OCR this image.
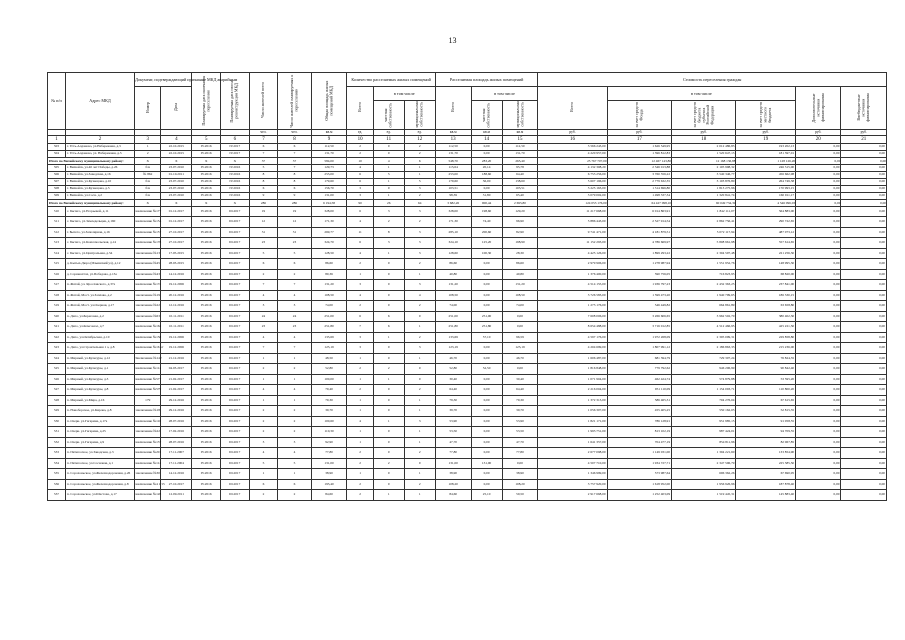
13
№ п/п	Адрес МКД	Документ, подтверждающий признание МКД аварийным		Планируемая дата окончания переселения	Планируемая дата сноса/ реконструкции МКД	Число жителей всего	Число жителей планируемых к переселению	Общая площадь жилых помещений МКД	Количество расселяемых жилых помещений			Расселяемая площадь жилых помещений			Стоимость переселения граждан					
		Номер	Дата						Всего	в том числе		Всего	в том числе		Всего	в том числе			Дополнительные источники финансирования	Внебюджетные источники финансирования
										частная собственность	муниципальная собственность		частная собственность	муниципальная собственность		за счет средств Фонда	за счет средств бюджета субъекта Российской Федерации	за счет средств местного бюджета		
						чел.	чел.	кв.м	ед.	ед.	ед.	кв.м	кв.м	кв.м	руб.	руб.	руб.	руб.	руб.	руб.
1	2	3	4	5	6	7	8	9	10	11	12	13	14	15	16	17	18	19	20	21
503	г. Усть-Алданово, ул.Набережная, д.3	1	22.10.2015	IV.2016	IV.2017	6	6	112,50	2	0	2	112,50	0,00	112,50	3 566 243,00	1 626 549,95	2 012 486,83	193 202,13	0,00	0,00
504	г. Усть-Алданово, ул. Набережная, д.5	2	22.10.2015	IV.2016	IV.2017	7	7	131,70	2	0	2	131,70	0,00	131,70	4 220 957,00	1 396 812,83	1 520 647,13	181 397,01	0,00	0,00
Итого по Вилюйскому муниципальному району:		X	X	X	X	37	37	584,00	10	4	6	548,70	283,20	265,40	25 767 707,00	12 467 143,80	12 168 136,88	1 128 126,20	0,00	0,00
505	г. Вилюйск, ул.40 лет Победы, д.26	б/н	23.07.2010	IV.2016	IV.2016	5	7	129,73	4	1	1	115,64	20,14	95,78	4 132 308,20	2 346 013,88	2 105 998,32	246 315,00	0,00	0,00
506	г. Вилюйск, ул.Заводская, д.16	№ 862	01.10.2011	IV.2016	IV.2016	8	8	253,00	6	5	1	253,00	188,60	64,40	6 753 256,00	3 760 356,22	3 540 346,77	456 662,98	0,00	0,00
507	г. Вилюйск, ул.Кузнецова, д.10	б/н	23.07.2010	IV.2016	IV.2016	8	8	179,60	6	1	5	179,60	36,00	138,60	5 607 196,00	2 779 632,35	3 103 876,80	264 749,38	0,00	0,00
508	г. Вилюйск, ул.Кузнецова, д.5	б/н	23.07.2010	IV.2016	IV.2016	6	6	156,70	3	0	3	103,51	0,00	103,51	3 225 163,00	1 314 696,80	1 813 275,96	170 993,15	0,00	0,00
509	г. Вилюйск, ул.Сосн. д.2	б/н	23.07.2010	IV.2016	IV.2016	9	9	131,00	3	1	2	98,39	31,80	65,40	3 079 002,00	1 498 337,34	1 320 841,74	160 911,17	0,00	0,00
Итого по Вилюйскому муниципальному району:		X	X	X	X	286	286	6 194,58	90	26	64	3 682,26	900,44	2 695,80	124 053 176,00	64 427 098,10	60 049 734,39	4 546 096,03	0,00	0,00
510	с. Бытего, ул.Егорьевой, д.11	заключение №177	01.12.2017	IV.2016	III.2017	19	19	328,00	6	3	3	328,00	198,60	129,20	11 217 668,00	6 014 863,91	1 842 111,07	564 883,00	0,00	0,00
511	с. Бытего, ул.Земледельцев, д.160	заключение №154	01.12.2017	IV.2016	III.2017	12	12	171,30	4	2	2	171,30	74,40	96,90	5 886 443,00	2 527 914,54	2 862 756,41	290 722,65	0,00	0,00
512	г. Бытего, ул.Заполярная, д.16	заключение №157	27.10.2017	IV.2016	III.2017	31	31	269,77	11	8	3	285,10	200,60	82,90	9 741 471,00	4 181 879,51	5 072 117,94	487 073,12	0,00	0,00
513	с. Бытего, ул.Комсомольская, д.14	заключение №178	27.10.2017	IV.2016	III.2017	23	23	324,70	6	3	3	324,10	125,20	198,90	11 152 293,00	4 786 669,97	5 808 961,98	557 614,65	0,00	0,00
514	с. Бытего, ул.Центральная, д.54	заключение №13	17.05.2015	IV.2016	III.2017	5	5	128,50	4	1	3	128,60	100,30	28,30	4 425 126,00	1 899 293,22	2 304 597,48	221 256,30	0,00	0,00
515	д. Кытыл-Дюра (Ильинский ул), д.12	заключение №45	28.03.2015	IV.2016	III.2017	6	6	86,60	2	0	2	86,60	0,00	86,60	2 979 906,00	1 278 987,94	1 551 952,76	148 995,30	0,00	0,00
516	д. Сорюнахтах, ул.Победова, д.13а	заключение №43	14.12.2016	IV.2016	III.2017	2	2	80,36	1	0	1	40,80	0,00	40,80	1 376 400,00	590 756,05	716 823,95	68 820,00	0,00	0,00
517	п. Жатай, ул. Ярославского, д.37а	заключение №17а	19.12.2006	IV.2016	III.2017	7	7	131,20	3	0	3	131,20	0,00	131,20	4 514 155,00	1 936 797,23	2 432 363,25	237 841,00	0,00	0,00
518	п. Жатай, Мост. ул.Заплава, д.2	заключение №19	20.12.2016	IV.2016	III.2017	4	4	108,50	4	0	4	108,50	0,00	108,50	3 726 583,00	1 599 473,20	1 940 799,65	186 330,15	0,00	0,00
519	п. Жатай, Мост. ул.Озерная, д.17	заключение №22	12.12.2016	IV.2016	III.2017	3	3	74,00	2	0	2	74,00	0,00	74,00	1 273 176,00	546 449,82	664 861,89	63 658,80	0,00	0,00
520	п. Депо, ул.Береговая, д.2	заключение №63	10.11.2011	IV.2016	III.2017	24	24	251,00	6	6	0	251,00	251,00	0,00	7 608 006,00	3 266 606,65	3 962 502,70	380 402,30	0,00	0,00
521	п. Депо, ул.Комсомол, д.7	заключение №162	10.11.2011	IV.2016	III.2017	23	23	251,80	7	6	1	251,80	251,80	0,00	8 654 488,00	3 716 012,85	4 512 466,95	425 221,50	0,00	0,00
522	п. Депо, ул.Октябрьская, д.10	заключение №158	19.12.2006	IV.2016	III.2017	4	4	133,69	3	1	2	133,69	57,10	96,59	4 597 176,00	1 972 268,09	2 395 099,31	229 858,80	0,00	0,00
523	п. Депо, ул.Строительная 1 а, д.8	заключение №16 от	19.12.2006	IV.2016	III.2017	7	7	123,19	3	0	3	123,19	0,00	123,19	4 204 699,00	1 807 991,12	2 186 863,33	215 236,00	0,00	0,00
524	п. Мирный, ул.Культуры, д.12	Заключение №142	21.12.2016	IV.2016	III.2017	1	1	48,50	1	0	1	46,70	0,00	46,70	1 606 487,00	681 394,79	729 307,24	76 824,35	0,00	0,00
525	п. Мирный, ул.Культуры, д.1	заключение №114	04.03.2017	IV.2016	III.2017	2	2	52,80	2	2	0	52,80	52,50	0,00	1 816 848,00	779 792,62	946 206,99	90 842,40	0,00	0,00
526	п. Мирный, ул.Культуры, д.3	заключение №577	21.02.2017	IV.2016	III.2017	1	1	100,00	1	1	0	30,40	0,00	30,40	1 071 904,00	462 424,74	574 879,88	53 595,20	0,00	0,00
527	п. Мирный, ул.Культуры, д.8	заключение №579	21.02.2017	IV.2016	III.2017	4	4	79,40	2	0	2	64,40	0,00	64,40	2 216 004,00	951 110,09	1 154 093,71	110 800,20	0,00	0,00
528	п. Мирный, ул.Мира, д.16	179	29.12.2016	IV.2016	III.2017	1	1	79,30	1	0	1	79,30	0,00	79,30	1 372 313,00	586 465,31	704 276,04	67 615,65	0,00	0,00
529	п. Новоборское, ул.Кирова, д.8	заключение №18	29.12.2016	IV.2016	III.2017	2	2	39,70	1	0	1	39,70	0,00	39,70	1 056 307,00	455 405,25	550 162,03	52 815,35	0,00	0,00
530	п. Озерн. ул.Гагарина, д.17а	заключение №110	28.07.2016	IV.2016	III.2017	2	2	100,60	4	1	3	53,90	0,00	53,90	1 821 171,00	786 128,91	951 985,15	91 058,55	0,00	0,00
531	п. Озерн. ул.Гагарина, д.25	заключение №22	17.02.2016	IV.2016	III.2017	2	2	110,30	1	0	1	53,50	0,00	53,50	1 993 751,00	813 102,19	987 424,01	94 709,55	0,00	0,00
532	п. Озерн. ул.Гагарина, д.9	заключение №137	28.07.2016	IV.2016	III.2017	3	3	92,90	1	0	1	47,70	0,00	47,70	1 641 357,00	704 477,19	854 811,96	82 067,85	0,00	0,00
533	п. Пятисосное, ул.Заводская, д.3	заключение №201	17.11.2007	IV.2016	III.2017	4	4	77,80	2	0	2	77,80	0,00	77,80	2 677 098,00	1 149 031,00	1 394 221,60	133 854,90	0,00	0,00
534	п. Пятисосное, ул.Сосновая, д.1	заключение №114	17.11.2004	IV.2016	III.2017	5	5	131,00	2	2	0	131,00	131,00	0,00	4 507 710,00	1 934 727,71	2 347 596,79	225 385,50	0,00	0,00
535	п. Сорохоньское, ул.Железнодорожная, д.26	заключение №30	14.12.2016	IV.2016	III.2017	1	1	38,90	1	0	1	38,90	0,00	38,90	1 346 999,00	573 987,64	696 362,26	67 690,95	0,00	0,00
536	п. Сорохоньское, ул.Железнодорожная, д.8	заключение №4 1/15	27.10.2017	IV.2016	III.2017	6	6	193,40	2	0	2	108,20	0,00	108,20	3 757 920,00	1 618 952,00	1 956 926,96	187 878,40	0,00	0,00
537	п. Сорохоньское, ул.Шестова, д.17	заключение №128	12.09.2011	IV.2016	III.2017	2	2	84,60	2	1	1	84,60	25,10	59,50	2 917 668,00	1 252 403,09	1 519 445,31	145 883,40	0,00	0,00
